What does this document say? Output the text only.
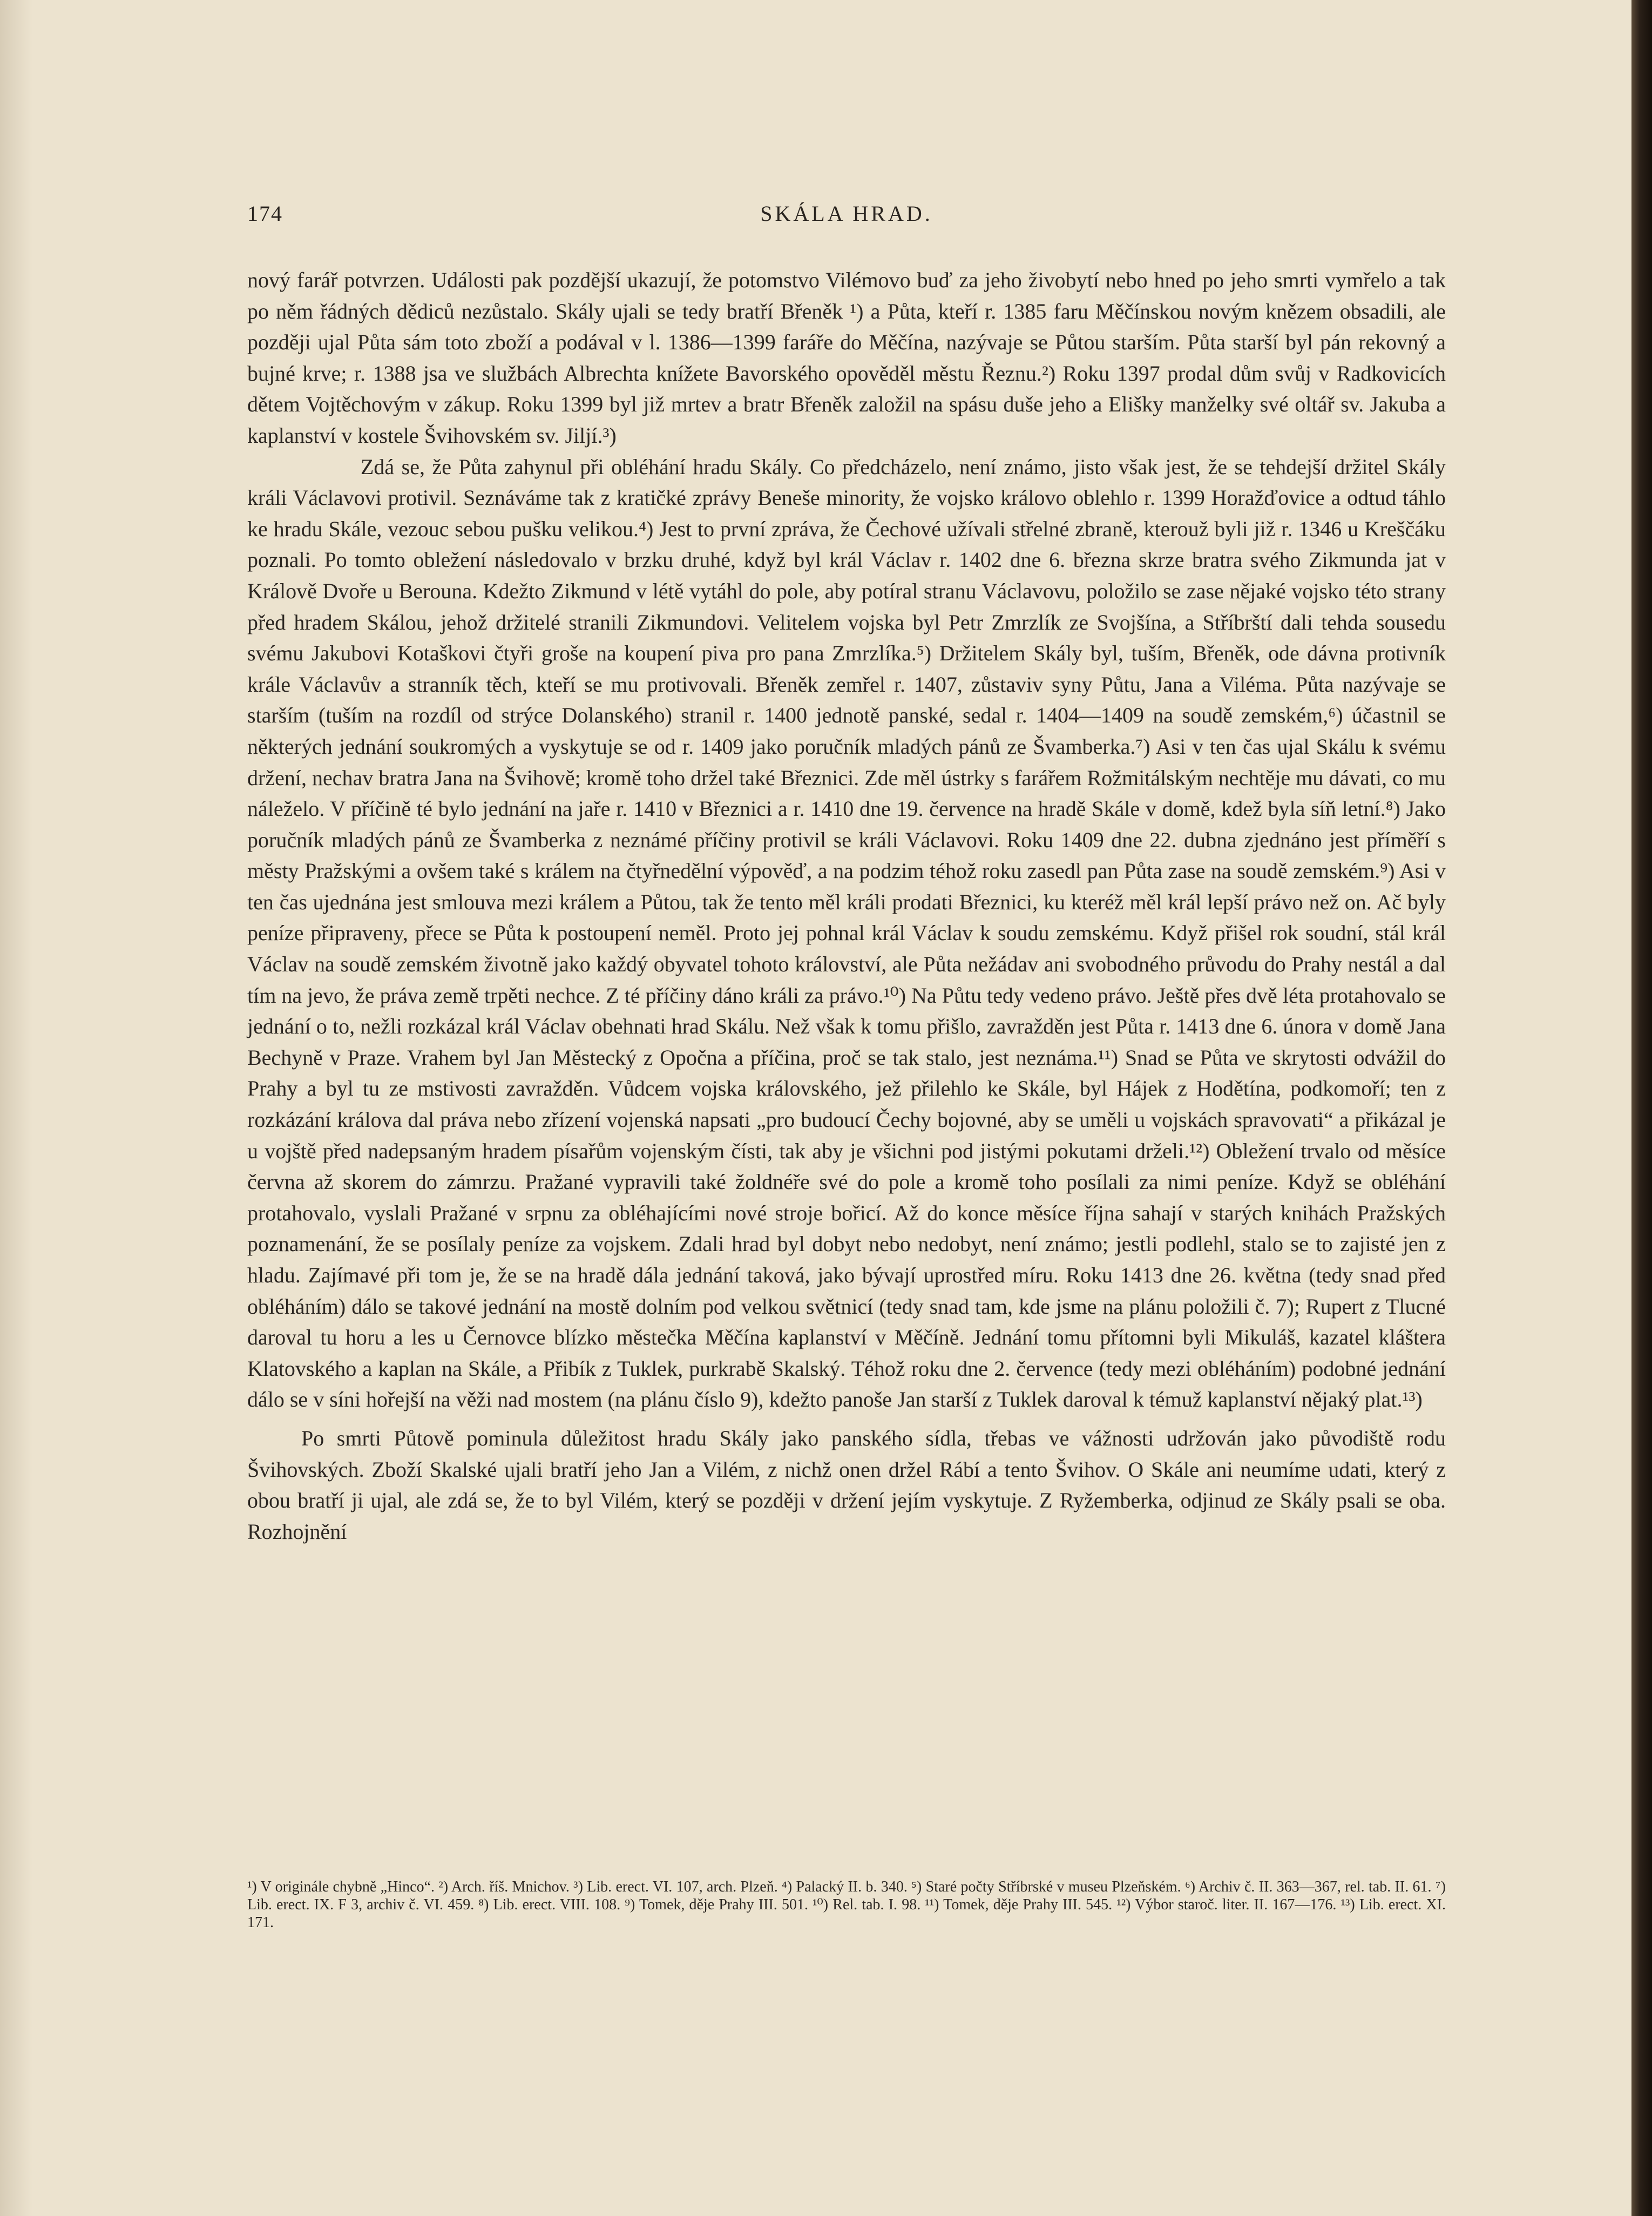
174	SKÁLA HRAD.

nový farář potvrzen. Události pak pozdější ukazují, že potomstvo Vilémovo buď za jeho živobytí nebo hned po jeho smrti vymřelo a tak po něm řádných dědiců nezůstalo. Skály ujali se tedy bratří Břeněk ¹) a Půta, kteří r. 1385 faru Měčínskou novým knězem obsadili, ale později ujal Půta sám toto zboží a podával v l. 1386—1399 faráře do Měčína, nazývaje se Půtou starším. Půta starší byl pán rekovný a bujné krve; r. 1388 jsa ve službách Albrechta knížete Bavorského opověděl městu Řeznu.²) Roku 1397 prodal dům svůj v Radkovicích dětem Vojtěchovým v zákup. Roku 1399 byl již mrtev a bratr Břeněk založil na spásu duše jeho a Elišky manželky své oltář sv. Jakuba a kaplanství v kostele Švihovském sv. Jiljí.³)

Zdá se, že Půta zahynul při obléhání hradu Skály. Co předcházelo, není známo, jisto však jest, že se tehdejší držitel Skály králi Václavovi protivil. Seznáváme tak z kratičké zprávy Beneše minority, že vojsko královo oblehlo r. 1399 Horažďovice a odtud táhlo ke hradu Skále, vezouc sebou pušku velikou.⁴) Jest to první zpráva, že Čechové užívali střelné zbraně, kterouž byli již r. 1346 u Kreščáku poznali. Po tomto obležení následovalo v brzku druhé, když byl král Václav r. 1402 dne 6. března skrze bratra svého Zikmunda jat v Králově Dvoře u Berouna. Kdežto Zikmund v létě vytáhl do pole, aby potíral stranu Václavovu, položilo se zase nějaké vojsko této strany před hradem Skálou, jehož držitelé stranili Zikmundovi. Velitelem vojska byl Petr Zmrzlík ze Svojšína, a Stříbrští dali tehda sousedu svému Jakubovi Kotaškovi čtyři groše na koupení piva pro pana Zmrzlíka.⁵) Držitelem Skály byl, tuším, Břeněk, ode dávna protivník krále Václavův a stranník těch, kteří se mu protivovali. Břeněk zemřel r. 1407, zůstaviv syny Půtu, Jana a Viléma. Půta nazývaje se starším (tuším na rozdíl od strýce Dolanského) stranil r. 1400 jednotě panské, sedal r. 1404—1409 na soudě zemském,⁶) účastnil se některých jednání soukromých a vyskytuje se od r. 1409 jako poručník mladých pánů ze Švamberka.⁷) Asi v ten čas ujal Skálu k svému držení, nechav bratra Jana na Švihově; kromě toho držel také Březnici. Zde měl ústrky s farářem Rožmitálským nechtěje mu dávati, co mu náleželo. V příčině té bylo jednání na jaře r. 1410 v Březnici a r. 1410 dne 19. července na hradě Skále v domě, kdež byla síň letní.⁸) Jako poručník mladých pánů ze Švamberka z neznámé příčiny protivil se králi Václavovi. Roku 1409 dne 22. dubna zjednáno jest příměří s městy Pražskými a ovšem také s králem na čtyřnedělní výpověď, a na podzim téhož roku zasedl pan Půta zase na soudě zemském.⁹) Asi v ten čas ujednána jest smlouva mezi králem a Půtou, tak že tento měl králi prodati Březnici, ku kteréž měl král lepší právo než on. Ač byly peníze připraveny, přece se Půta k postoupení neměl. Proto jej pohnal král Václav k soudu zemskému. Když přišel rok soudní, stál král Václav na soudě zemském životně jako každý obyvatel tohoto království, ale Půta nežádav ani svobodného průvodu do Prahy nestál a dal tím na jevo, že práva země trpěti nechce. Z té příčiny dáno králi za právo.¹⁰) Na Půtu tedy vedeno právo. Ještě přes dvě léta protahovalo se jednání o to, nežli rozkázal král Václav obehnati hrad Skálu. Než však k tomu přišlo, zavražděn jest Půta r. 1413 dne 6. února v domě Jana Bechyně v Praze. Vrahem byl Jan Městecký z Opočna a příčina, proč se tak stalo, jest neznáma.¹¹) Snad se Půta ve skrytosti odvážil do Prahy a byl tu ze mstivosti zavražděn. Vůdcem vojska královského, jež přilehlo ke Skále, byl Hájek z Hodětína, podkomoří; ten z rozkázání králova dal práva nebo zřízení vojenská napsati „pro budoucí Čechy bojovné, aby se uměli u vojskách spravovati“ a přikázal je u vojště před nadepsaným hradem písařům vojenským čísti, tak aby je všichni pod jistými pokutami drželi.¹²) Obležení trvalo od měsíce června až skorem do zámrzu. Pražané vypravili také žoldnéře své do pole a kromě toho posílali za nimi peníze. Když se obléhání protahovalo, vyslali Pražané v srpnu za obléhajícími nové stroje bořicí. Až do konce měsíce října sahají v starých knihách Pražských poznamenání, že se posílaly peníze za vojskem. Zdali hrad byl dobyt nebo nedobyt, není známo; jestli podlehl, stalo se to zajisté jen z hladu. Zajímavé při tom je, že se na hradě dála jednání taková, jako bývají uprostřed míru. Roku 1413 dne 26. května (tedy snad před obléháním) dálo se takové jednání na mostě dolním pod velkou světnicí (tedy snad tam, kde jsme na plánu položili č. 7); Rupert z Tlucné daroval tu horu a les u Černovce blízko městečka Měčína kaplanství v Měčíně. Jednání tomu přítomni byli Mikuláš, kazatel kláštera Klatovského a kaplan na Skále, a Přibík z Tuklek, purkrabě Skalský. Téhož roku dne 2. července (tedy mezi obléháním) podobné jednání dálo se v síni hořejší na věži nad mostem (na plánu číslo 9), kdežto panoše Jan starší z Tuklek daroval k témuž kaplanství nějaký plat.¹³)

Po smrti Půtově pominula důležitost hradu Skály jako panského sídla, třebas ve vážnosti udržován jako původiště rodu Švihovských. Zboží Skalské ujali bratří jeho Jan a Vilém, z nichž onen držel Rábí a tento Švihov. O Skále ani neumíme udati, který z obou bratří ji ujal, ale zdá se, že to byl Vilém, který se později v držení jejím vyskytuje. Z Ryžemberka, odjinud ze Skály psali se oba. Rozhojnění

¹) V originále chybně „Hinco“. ²) Arch. říš. Mnichov. ³) Lib. erect. VI. 107, arch. Plzeň. ⁴) Palacký II. b. 340. ⁵) Staré počty Stříbrské v museu Plzeňském. ⁶) Archiv č. II. 363—367, rel. tab. II. 61. ⁷) Lib. erect. IX. F 3, archiv č. VI. 459. ⁸) Lib. erect. VIII. 108. ⁹) Tomek, děje Prahy III. 501. ¹⁰) Rel. tab. I. 98. ¹¹) Tomek, děje Prahy III. 545. ¹²) Výbor staroč. liter. II. 167—176. ¹³) Lib. erect. XI. 171.
